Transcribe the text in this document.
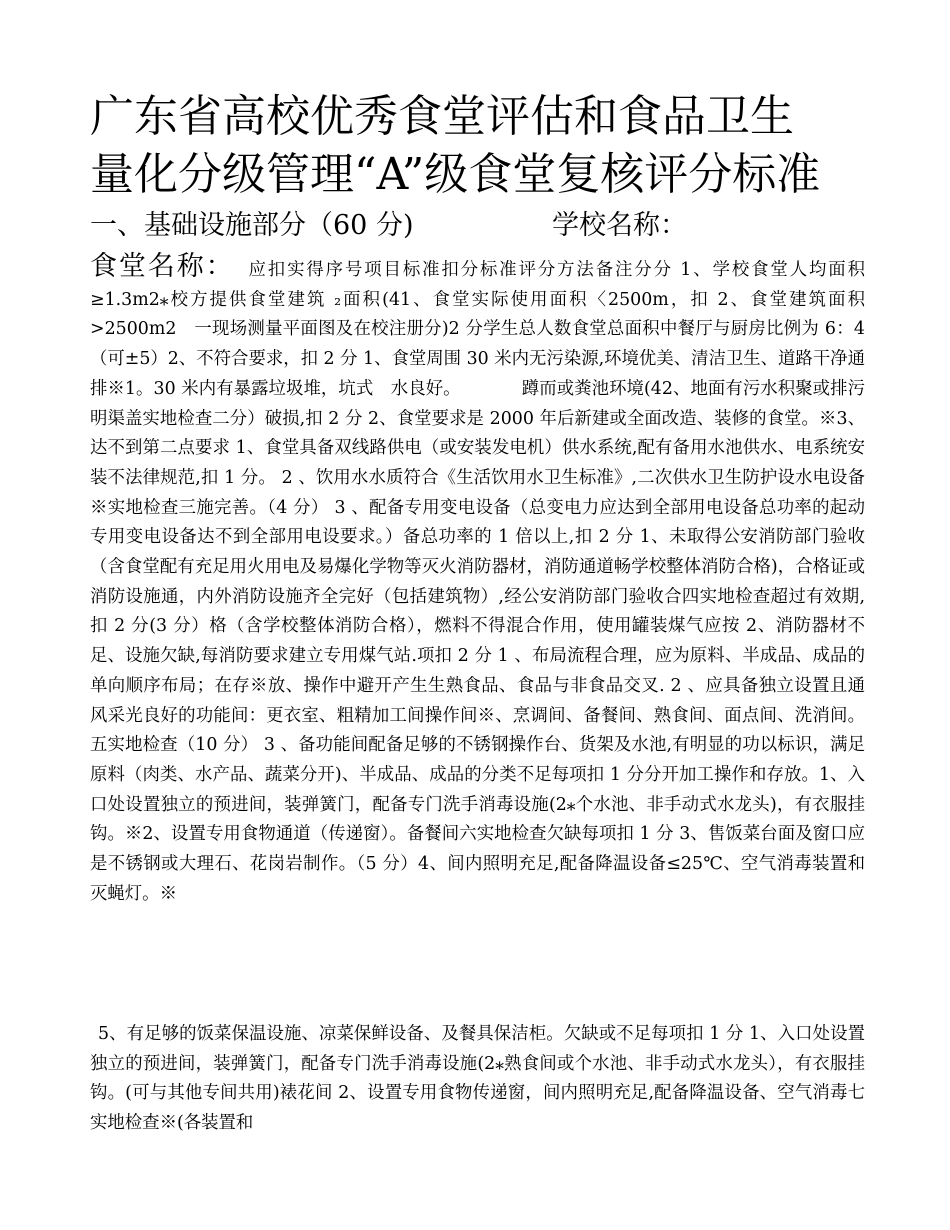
广东省高校优秀食堂评估和食品卫生
量化分级管理“A”级食堂复核评分标准
一、基础设施部分（60 分)	学校名称：

食堂名称： 应扣实得序号项目标准扣分标准评分方法备注分分 1、学校食堂人均面积≥1.3m2⁎校方提供食堂建筑 ₂面积(41、食堂实际使用面积〈2500m，扣 2、食堂建筑面积>2500m2　一现场测量平面图及在校注册分)2 分学生总人数食堂总面积中餐厅与厨房比例为 6：4（可±5）2、不符合要求，扣 2 分 1、食堂周围 30 米内无污染源,环境优美、清洁卫生、道路干净通排※1。30 米内有暴露垃圾堆，坑式　水良好。　　　　蹲而或粪池环境(42、地面有污水积聚或排污明渠盖实地检查二分）破损,扣 2 分 2、食堂要求是 2000 年后新建或全面改造、装修的食堂。※3、达不到第二点要求 1、食堂具备双线路供电（或安装发电机）供水系统,配有备用水池供水、电系统安装不法律规范,扣 1 分。 2 、饮用水水质符合《生活饮用水卫生标准》,二次供水卫生防护设水电设备※实地检查三施完善。（4 分） 3 、配备专用变电设备（总变电力应达到全部用电设备总功率的起动专用变电设备达不到全部用电设要求。）备总功率的 1 倍以上,扣 2 分 1、未取得公安消防部门验收（含食堂配有充足用火用电及易爆化学物等灭火消防器材，消防通道畅学校整体消防合格)，合格证或消防设施通，内外消防设施齐全完好（包括建筑物）,经公安消防部门验收合四实地检查超过有效期,扣 2 分(3 分）格（含学校整体消防合格），燃料不得混合作用，使用罐装煤气应按 2、消防器材不足、设施欠缺,每消防要求建立专用煤气站.项扣 2 分 1 、布局流程合理，应为原料、半成品、成品的单向顺序布局；在存※放、操作中避开产生生熟食品、食品与非食品交叉. 2 、应具备独立设置且通风采光良好的功能间：更衣室、粗精加工间操作间※、烹调间、备餐间、熟食间、面点间、洗消间。五实地检查（10 分） 3 、备功能间配备足够的不锈钢操作台、货架及水池,有明显的功以标识，满足原料（肉类、水产品、蔬菜分开)、半成品、成品的分类不足每项扣 1 分分开加工操作和存放。1、入口处设置独立的预进间，装弹簧门，配备专门洗手消毒设施(2⁎个水池、非手动式水龙头)，有衣服挂钩。※2、设置专用食物通道（传递窗）。备餐间六实地检查欠缺每项扣 1 分 3、售饭菜台面及窗口应是不锈钢或大理石、花岗岩制作。（5 分）4、间内照明充足,配备降温设备≤25℃、空气消毒装置和灭蝇灯。※

5、有足够的饭菜保温设施、凉菜保鲜设备、及餐具保洁柜。欠缺或不足每项扣 1 分 1、入口处设置独立的预进间，装弹簧门，配备专门洗手消毒设施(2⁎熟食间或个水池、非手动式水龙头），有衣服挂钩。(可与其他专间共用)裱花间 2、设置专用食物传递窗，间内照明充足,配备降温设备、空气消毒七实地检查※(各装置和
